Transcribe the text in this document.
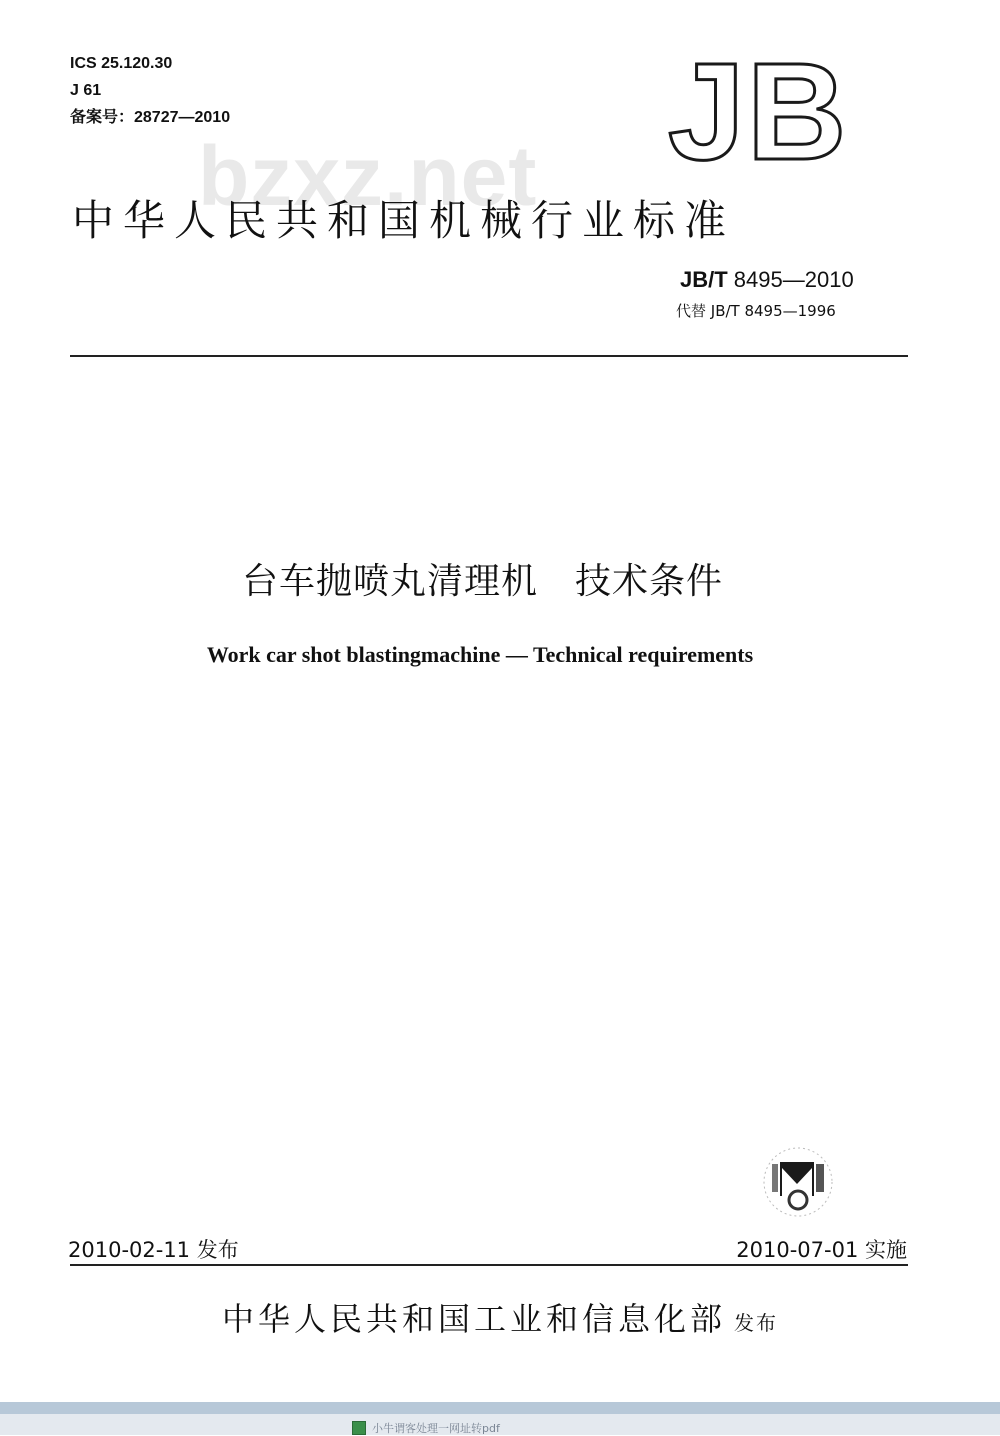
ICS 25.120.30
J 61
备案号：28727—2010	JB
bzxz.net
中华人民共和国机械行业标准
JB/T 8495—2010
代替 JB/T 8495—1996
台车抛喷丸清理机　技术条件
Work car shot blastingmachine — Technical requirements
2010-02-11 发布	2010-07-01 实施
中华人民共和国工业和信息化部 发布
小牛谓客处理一网址转pdf
